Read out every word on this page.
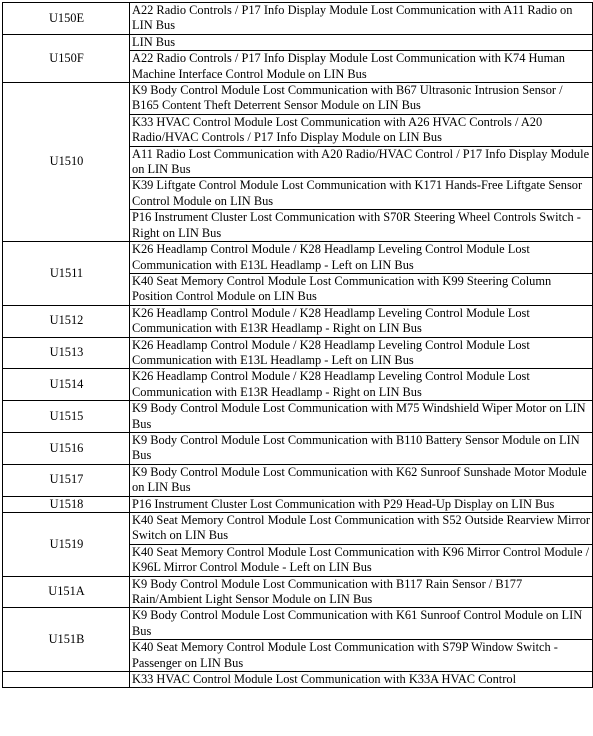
U150E	A22 Radio Controls / P17 Info Display Module Lost Communication with A11 Radio on LIN Bus
U150F	LIN Bus
	A22 Radio Controls / P17 Info Display Module Lost Communication with K74 Human Machine Interface Control Module on LIN Bus
U1510	K9 Body Control Module Lost Communication with B67 Ultrasonic Intrusion Sensor / B165 Content Theft Deterrent Sensor Module on LIN Bus
	K33 HVAC Control Module Lost Communication with A26 HVAC Controls / A20 Radio/HVAC Controls / P17 Info Display Module on LIN Bus
	A11 Radio Lost Communication with A20 Radio/HVAC Control / P17 Info Display Module on LIN Bus
	K39 Liftgate Control Module Lost Communication with K171 Hands-Free Liftgate Sensor Control Module on LIN Bus
	P16 Instrument Cluster Lost Communication with S70R Steering Wheel Controls Switch - Right on LIN Bus
U1511	K26 Headlamp Control Module / K28 Headlamp Leveling Control Module Lost Communication with E13L Headlamp - Left on LIN Bus
	K40 Seat Memory Control Module Lost Communication with K99 Steering Column Position Control Module on LIN Bus
U1512	K26 Headlamp Control Module / K28 Headlamp Leveling Control Module Lost Communication with E13R Headlamp - Right on LIN Bus
U1513	K26 Headlamp Control Module / K28 Headlamp Leveling Control Module Lost Communication with E13L Headlamp - Left on LIN Bus
U1514	K26 Headlamp Control Module / K28 Headlamp Leveling Control Module Lost Communication with E13R Headlamp - Right on LIN Bus
U1515	K9 Body Control Module Lost Communication with M75 Windshield Wiper Motor on LIN Bus
U1516	K9 Body Control Module Lost Communication with B110 Battery Sensor Module on LIN Bus
U1517	K9 Body Control Module Lost Communication with K62 Sunroof Sunshade Motor Module on LIN Bus
U1518	P16 Instrument Cluster Lost Communication with P29 Head-Up Display on LIN Bus
U1519	K40 Seat Memory Control Module Lost Communication with S52 Outside Rearview Mirror Switch on LIN Bus
	K40 Seat Memory Control Module Lost Communication with K96 Mirror Control Module / K96L Mirror Control Module - Left on LIN Bus
U151A	K9 Body Control Module Lost Communication with B117 Rain Sensor / B177 Rain/Ambient Light Sensor Module on LIN Bus
U151B	K9 Body Control Module Lost Communication with K61 Sunroof Control Module on LIN Bus
	K40 Seat Memory Control Module Lost Communication with S79P Window Switch - Passenger on LIN Bus
	K33 HVAC Control Module Lost Communication with K33A HVAC Control
